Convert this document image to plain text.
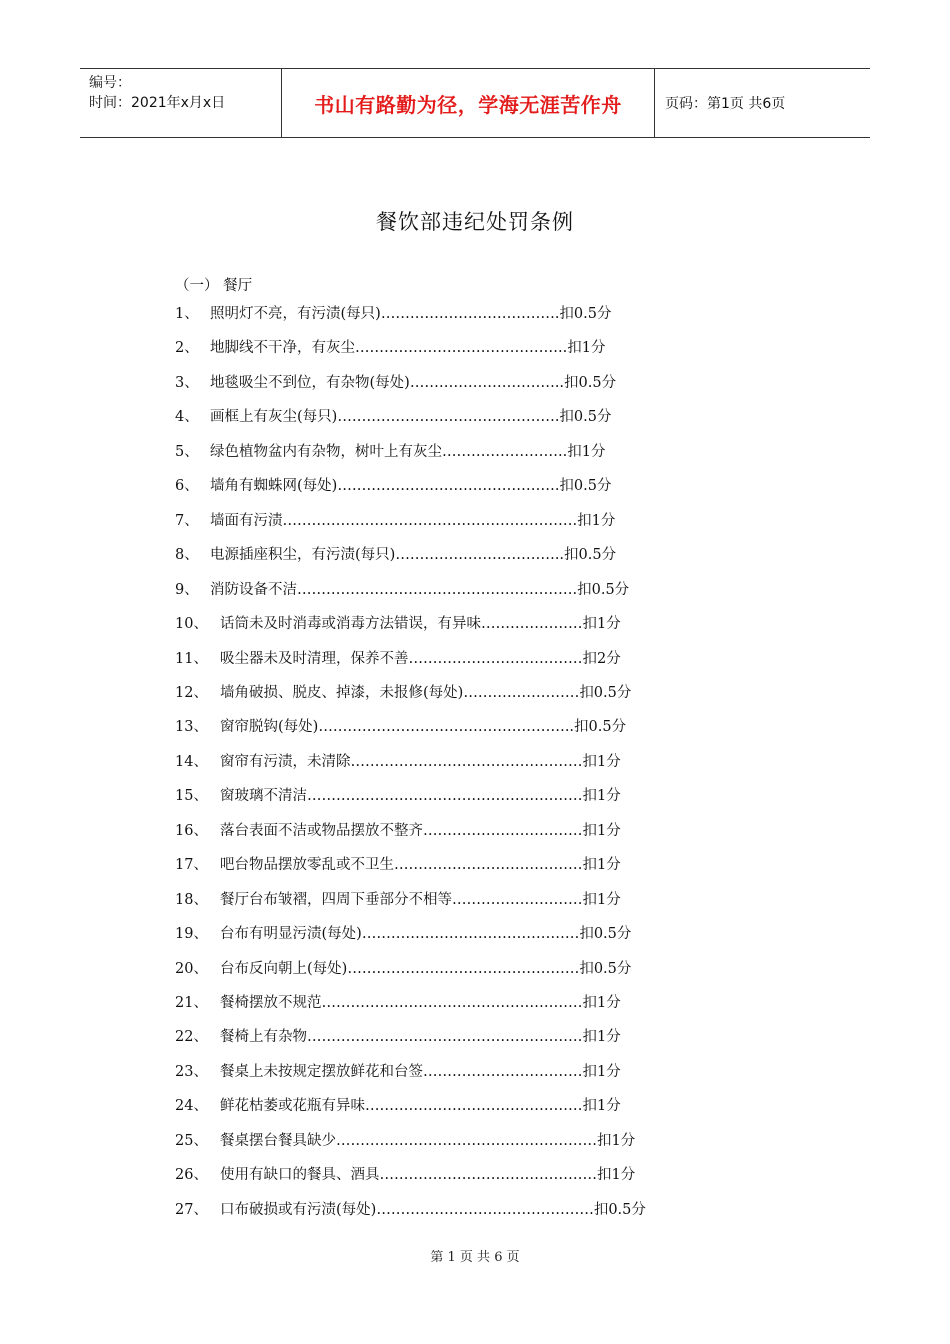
编号：
时间：2021年x月x日	书山有路勤为径，学海无涯苦作舟	页码：第1页 共6页
餐饮部违纪处罚条例
（一） 餐厅
1、 照明灯不亮，有污渍(每只)……………………………….扣0.5分
2、 地脚线不干净，有灰尘……………………………………..扣1分
3、 地毯吸尘不到位，有杂物(每处)…………………………..扣0.5分
4、 画框上有灰尘(每只)……………………………………….扣0.5分
5、 绿色植物盆内有杂物，树叶上有灰尘……………………..扣1分
6、 墙角有蜘蛛网(每处)……………………………………….扣0.5分
7、 墙面有污渍…………………………………………………….扣1分
8、 电源插座积尘，有污渍(每只)……………………………..扣0.5分
9、 消防设备不洁………………………………………………….扣0.5分
10、 话筒未及时消毒或消毒方法错误，有异味…………………扣1分
11、 吸尘器未及时清理，保养不善………………………………扣2分
12、 墙角破损、脱皮、掉漆，未报修(每处)……………………扣0.5分
13、 窗帘脱钩(每处)……………………………………………..扣0.5分
14、 窗帘有污渍，未清除…………………………………………扣1分
15、 窗玻璃不清洁…………………………………………………扣1分
16、 落台表面不洁或物品摆放不整齐……………………………扣1分
17、 吧台物品摆放零乱或不卫生…………………………………扣1分
18、 餐厅台布皱褶，四周下垂部分不相等………………………扣1分
19、 台布有明显污渍(每处)………………………………………扣0.5分
20、 台布反向朝上(每处)…………………………………………扣0.5分
21、 餐椅摆放不规范………………………………………………扣1分
22、 餐椅上有杂物…………………………………………………扣1分
23、 餐桌上未按规定摆放鲜花和台签……………………………扣1分
24、 鲜花枯萎或花瓶有异味………………………………………扣1分
25、 餐桌摆台餐具缺少………………………………………………扣1分
26、 使用有缺口的餐具、酒具………………………………………扣1分
27、 口布破损或有污渍(每处)………………………………………扣0.5分
第 1 页 共 6 页
